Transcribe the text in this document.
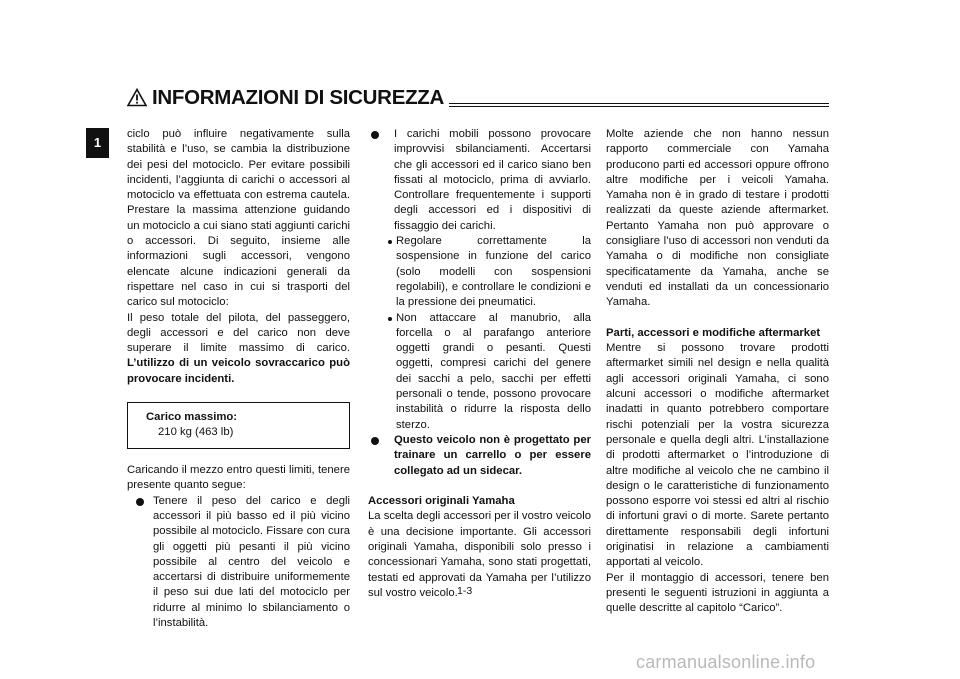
INFORMAZIONI DI SICUREZZA
1

ciclo può influire negativamente sulla stabilità e l’uso, se cambia la distribuzione dei pesi del motociclo. Per evitare possibili incidenti, l’aggiunta di carichi o accessori al motociclo va effettuata con estrema cautela. Prestare la massima attenzione guidando un motociclo a cui siano stati aggiunti carichi o accessori. Di seguito, insieme alle informazioni sugli accessori, vengono elencate alcune indicazioni generali da rispettare nel caso in cui si trasporti del carico sul motociclo:

Il peso totale del pilota, del passeggero, degli accessori e del carico non deve superare il limite massimo di carico. L’utilizzo di un veicolo sovraccarico può provocare incidenti.

Carico massimo:
210 kg (463 lb)

Caricando il mezzo entro questi limiti, tenere presente quanto segue:

Tenere il peso del carico e degli accessori il più basso ed il più vicino possibile al motociclo. Fissare con cura gli oggetti più pesanti il più vicino possibile al centro del veicolo e accertarsi di distribuire uniformemente il peso sui due lati del motociclo per ridurre al minimo lo sbilanciamento o l’instabilità.

I carichi mobili possono provocare improvvisi sbilanciamenti. Accertarsi che gli accessori ed il carico siano ben fissati al motociclo, prima di avviarlo. Controllare frequentemente i supporti degli accessori ed i dispositivi di fissaggio dei carichi.

Regolare correttamente la sospensione in funzione del carico (solo modelli con sospensioni regolabili), e controllare le condizioni e la pressione dei pneumatici.

Non attaccare al manubrio, alla forcella o al parafango anteriore oggetti grandi o pesanti. Questi oggetti, compresi carichi del genere dei sacchi a pelo, sacchi per effetti personali o tende, possono provocare instabilità o ridurre la risposta dello sterzo.

Questo veicolo non è progettato per trainare un carrello o per essere collegato ad un sidecar.

Accessori originali Yamaha

La scelta degli accessori per il vostro veicolo è una decisione importante. Gli accessori originali Yamaha, disponibili solo presso i concessionari Yamaha, sono stati progettati, testati ed approvati da Yamaha per l’utilizzo sul vostro veicolo.

Molte aziende che non hanno nessun rapporto commerciale con Yamaha producono parti ed accessori oppure offrono altre modifiche per i veicoli Yamaha. Yamaha non è in grado di testare i prodotti realizzati da queste aziende aftermarket. Pertanto Yamaha non può approvare o consigliare l’uso di accessori non venduti da Yamaha o di modifiche non consigliate specificatamente da Yamaha, anche se venduti ed installati da un concessionario Yamaha.

Parti, accessori e modifiche aftermarket

Mentre si possono trovare prodotti aftermarket simili nel design e nella qualità agli accessori originali Yamaha, ci sono alcuni accessori o modifiche aftermarket inadatti in quanto potrebbero comportare rischi potenziali per la vostra sicurezza personale e quella degli altri. L’installazione di prodotti aftermarket o l’introduzione di altre modifiche al veicolo che ne cambino il design o le caratteristiche di funzionamento possono esporre voi stessi ed altri al rischio di infortuni gravi o di morte. Sarete pertanto direttamente responsabili degli infortuni originatisi in relazione a cambiamenti apportati al veicolo.

Per il montaggio di accessori, tenere ben presenti le seguenti istruzioni in aggiunta a quelle descritte al capitolo “Carico”.

1-3
carmanualsonline.info
